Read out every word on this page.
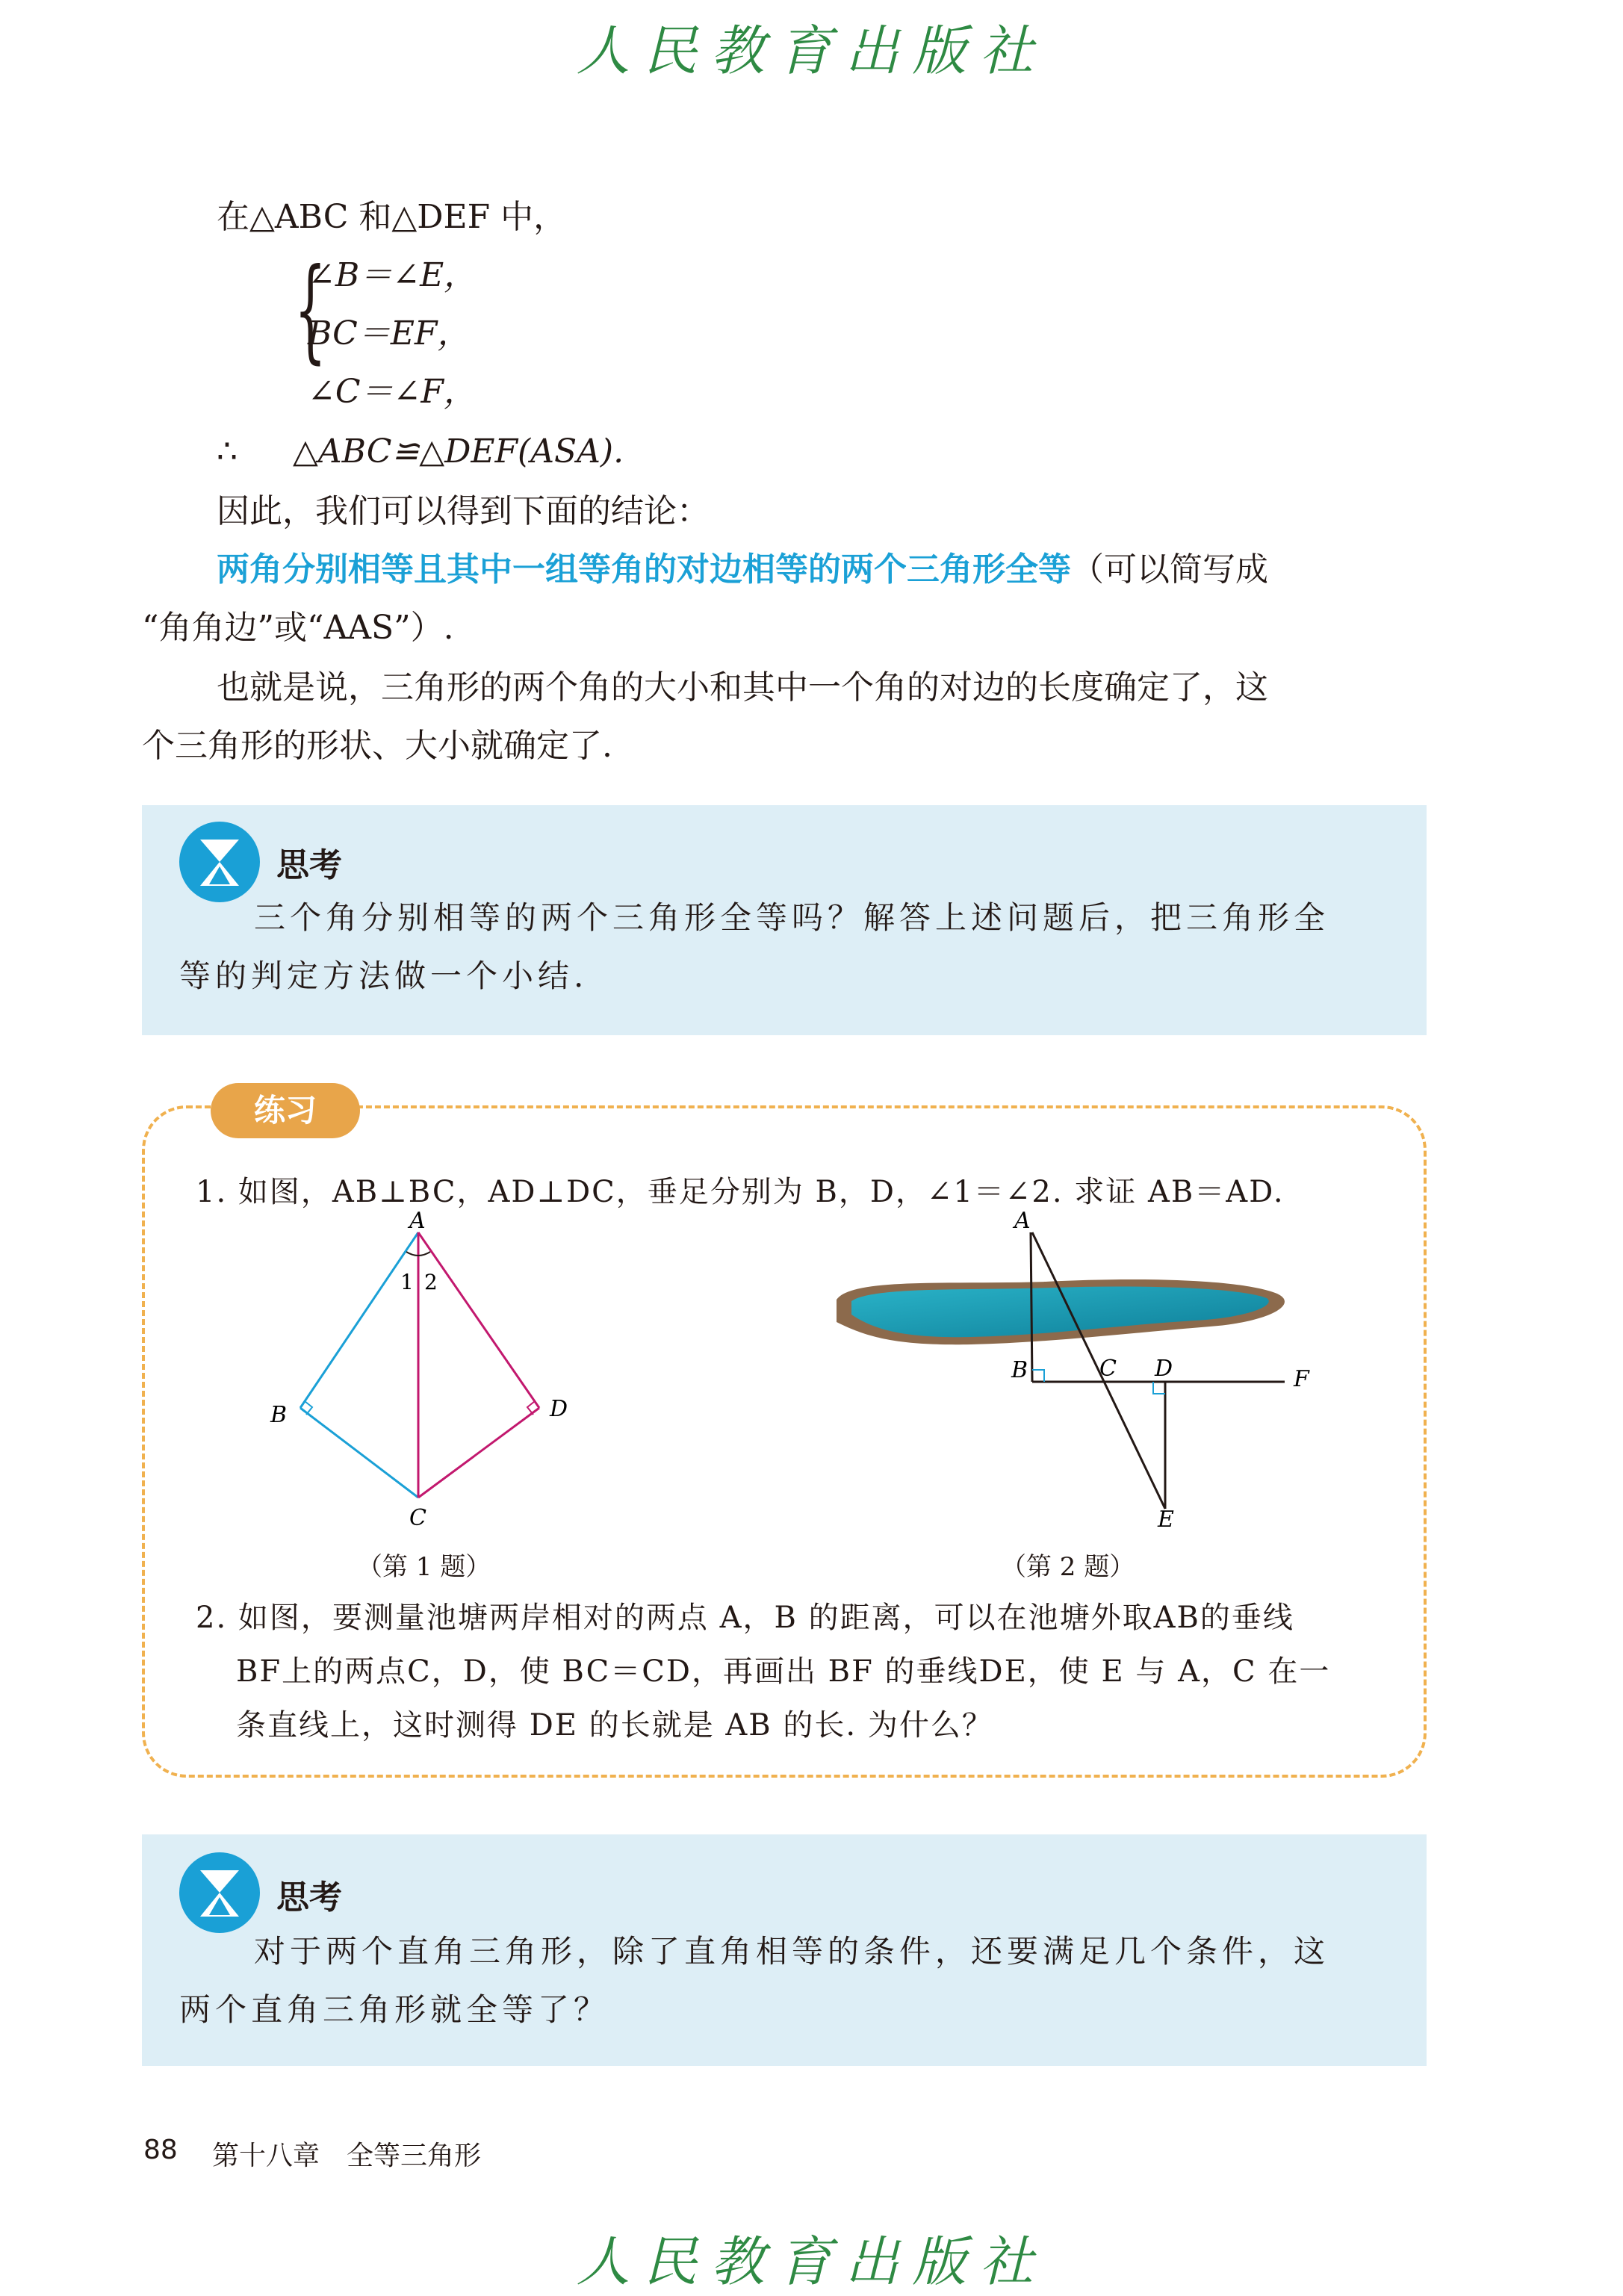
人民教育出版社
在△ABC 和△DEF 中，
{
∠B＝∠E，
BC＝EF，
∠C＝∠F，
∴ △ABC≌△DEF(ASA).
因此，我们可以得到下面的结论：
两角分别相等且其中一组等角的对边相等的两个三角形全等（可以简写成
“角角边”或“AAS”）.
也就是说，三角形的两个角的大小和其中一个角的对边的长度确定了，这
个三角形的形状、大小就确定了.
思考
三个角分别相等的两个三角形全等吗？解答上述问题后，把三角形全
等的判定方法做一个小结.
练习
1. 如图，AB⊥BC，AD⊥DC，垂足分别为 B，D，∠1＝∠2. 求证 AB＝AD.
A
1 2
B	D
C
（第 1 题）
A
B	C D	F
E
（第 2 题）
2. 如图，要测量池塘两岸相对的两点 A，B 的距离，可以在池塘外取AB的垂线
BF上的两点C，D，使 BC＝CD，再画出 BF 的垂线DE，使 E 与 A，C 在一
条直线上，这时测得 DE 的长就是 AB 的长. 为什么？
思考
对于两个直角三角形，除了直角相等的条件，还要满足几个条件，这
两个直角三角形就全等了？
88 第十八章　全等三角形
人民教育出版社
